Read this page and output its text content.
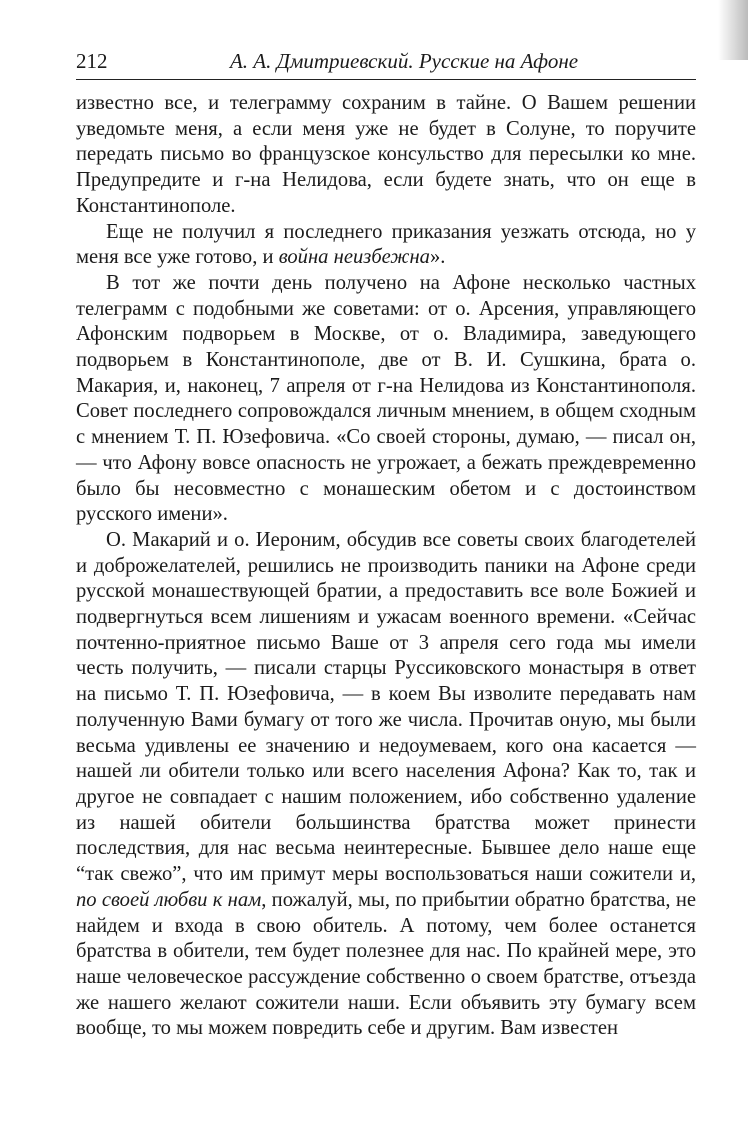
212	А. А. Дмитриевский. Русские на Афоне

известно все, и телеграмму сохраним в тайне. О Вашем решении уведомьте меня, а если меня уже не будет в Солуне, то поручите передать письмо во французское консульство для пересылки ко мне. Предупредите и г-на Нелидова, если будете знать, что он еще в Константинополе.

Еще не получил я последнего приказания уезжать отсюда, но у меня все уже готово, и война неизбежна».

В тот же почти день получено на Афоне несколько частных телеграмм с подобными же советами: от о. Арсения, управляющего Афонским подворьем в Москве, от о. Владимира, заведующего подворьем в Константинополе, две от В. И. Сушкина, брата о. Макария, и, наконец, 7 апреля от г-на Нелидова из Константинополя. Совет последнего сопровождался личным мнением, в общем сходным с мнением Т. П. Юзефовича. «Со своей стороны, думаю, — писал он, — что Афону вовсе опасность не угрожает, а бежать преждевременно было бы несовместно с монашеским обетом и с достоинством русского имени».

О. Макарий и о. Иероним, обсудив все советы своих благодетелей и доброжелателей, решились не производить паники на Афоне среди русской монашествующей братии, а предоставить все воле Божией и подвергнуться всем лишениям и ужасам военного времени. «Сейчас почтенно-приятное письмо Ваше от 3 апреля сего года мы имели честь получить, — писали старцы Руссиковского монастыря в ответ на письмо Т. П. Юзефовича, — в коем Вы изволите передавать нам полученную Вами бумагу от того же числа. Прочитав оную, мы были весьма удивлены ее значению и недоумеваем, кого она касается — нашей ли обители только или всего населения Афона? Как то, так и другое не совпадает с нашим положением, ибо собственно удаление из нашей обители большинства братства может принести последствия, для нас весьма неинтересные. Бывшее дело наше еще “так свежо”, что им примут меры воспользоваться наши сожители и, по своей любви к нам, пожалуй, мы, по прибытии обратно братства, не найдем и входа в свою обитель. А потому, чем более останется братства в обители, тем будет полезнее для нас. По крайней мере, это наше человеческое рассуждение собственно о своем братстве, отъезда же нашего желают сожители наши. Если объявить эту бумагу всем вообще, то мы можем повредить себе и другим. Вам известен
